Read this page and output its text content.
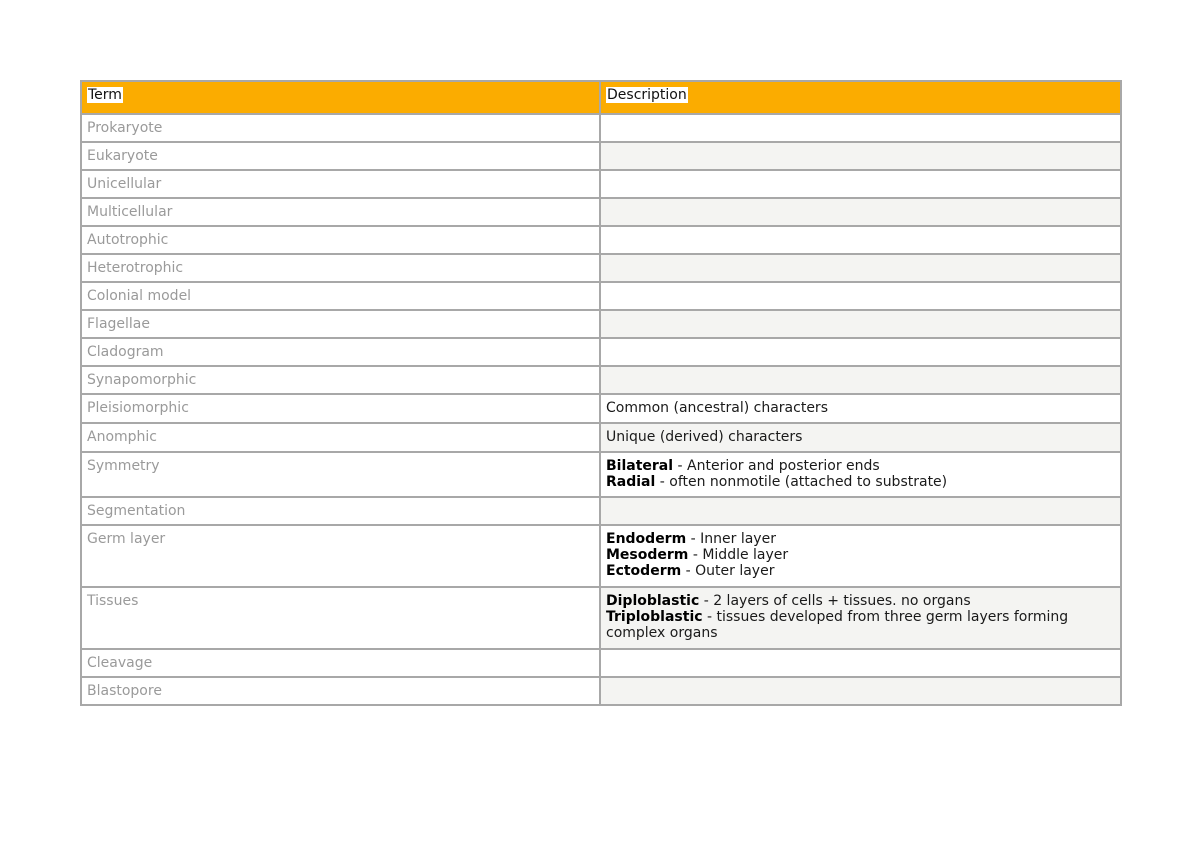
Term	Description
Prokaryote	
Eukaryote	
Unicellular	
Multicellular	
Autotrophic	
Heterotrophic	
Colonial model	
Flagellae	
Cladogram	
Synapomorphic	
Pleisiomorphic	Common (ancestral) characters
Anomphic	Unique (derived) characters
Symmetry	Bilateral - Anterior and posterior ends
Radial - often nonmotile (attached to substrate)

Segmentation	
Germ layer	Endoderm - Inner layer
Mesoderm - Middle layer
Ectoderm - Outer layer

Tissues	Diploblastic - 2 layers of cells + tissues. no organs
Triploblastic - tissues developed from three germ layers forming complex organs

Cleavage	
Blastopore	
